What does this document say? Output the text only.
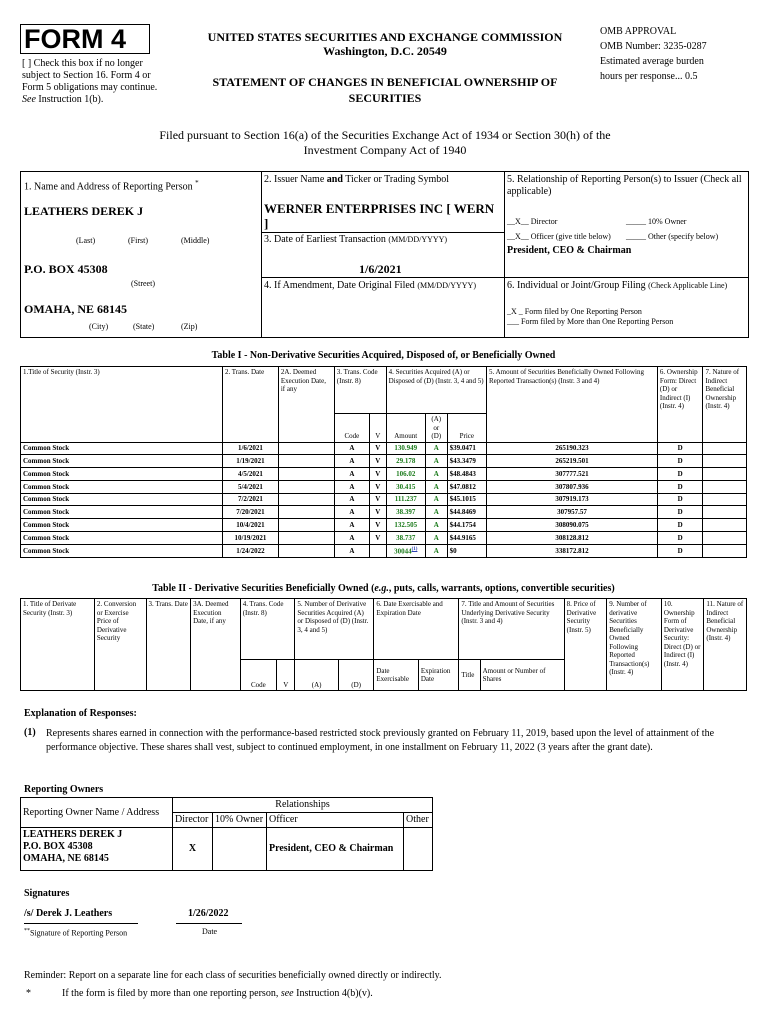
FORM 4
[ ] Check this box if no longer subject to Section 16. Form 4 or Form 5 obligations may continue. See Instruction 1(b).
UNITED STATES SECURITIES AND EXCHANGE COMMISSION
Washington, D.C. 20549
STATEMENT OF CHANGES IN BENEFICIAL OWNERSHIP OF SECURITIES
OMB APPROVAL
OMB Number: 3235-0287
Estimated average burden
hours per response... 0.5
Filed pursuant to Section 16(a) of the Securities Exchange Act of 1934 or Section 30(h) of the Investment Company Act of 1940
1. Name and Address of Reporting Person *
LEATHERS DEREK J
(Last)	(First)	(Middle)
P.O. BOX 45308
(Street)
OMAHA, NE 68145
(City)	(State)	(Zip)
2. Issuer Name and Ticker or Trading Symbol
WERNER ENTERPRISES INC [ WERN ]
3. Date of Earliest Transaction (MM/DD/YYYY)
1/6/2021
4. If Amendment, Date Original Filed (MM/DD/YYYY)
5. Relationship of Reporting Person(s) to Issuer (Check all applicable)
__X__ Director	_____ 10% Owner
__X__ Officer (give title below) _____ Other (specify below)
President, CEO & Chairman
6. Individual or Joint/Group Filing (Check Applicable Line)
_X _ Form filed by One Reporting Person
___ Form filed by More than One Reporting Person
Table I - Non-Derivative Securities Acquired, Disposed of, or Beneficially Owned
1.Title of Security (Instr. 3)	2. Trans. Date	2A. Deemed Execution Date, if any	3. Trans. Code (Instr. 8)		4. Securities Acquired (A) or Disposed of (D) (Instr. 3, 4 and 5)			5. Amount of Securities Beneficially Owned Following Reported Transaction(s) (Instr. 3 and 4)	6. Ownership Form: Direct (D) or Indirect (I) (Instr. 4)	7. Nature of Indirect Beneficial Ownership (Instr. 4)
			Code	V	Amount	(A) or (D)	Price			
Common Stock	1/6/2021		A	V	130.949	A	$39.0471	265190.323	D	
Common Stock	1/19/2021		A	V	29.178	A	$43.3479	265219.501	D	
Common Stock	4/5/2021		A	V	106.02	A	$48.4843	307777.521	D	
Common Stock	5/4/2021		A	V	30.415	A	$47.0812	307807.936	D	
Common Stock	7/2/2021		A	V	111.237	A	$45.1015	307919.173	D	
Common Stock	7/20/2021		A	V	38.397	A	$44.8469	307957.57	D	
Common Stock	10/4/2021		A	V	132.505	A	$44.1754	308090.075	D	
Common Stock	10/19/2021		A	V	38.737	A	$44.9165	308128.812	D	
Common Stock	1/24/2022		A		30044$^{(1)}$	A	$0	338172.812	D	
Table II - Derivative Securities Beneficially Owned (e.g., puts, calls, warrants, options, convertible securities)
1. Title of Derivate Security (Instr. 3)	2. Conversion or Exercise Price of Derivative Security	3. Trans. Date	3A. Deemed Execution Date, if any	4. Trans. Code (Instr. 8)		5. Number of Derivative Securities Acquired (A) or Disposed of (D) (Instr. 3, 4 and 5)		6. Date Exercisable and Expiration Date		7. Title and Amount of Securities Underlying Derivative Security (Instr. 3 and 4)		8. Price of Derivative Security (Instr. 5)	9. Number of derivative Securities Beneficially Owned Following Reported Transaction(s) (Instr. 4)	10. Ownership Form of Derivative Security: Direct (D) or Indirect (I) (Instr. 4)	11. Nature of Indirect Beneficial Ownership (Instr. 4)
				Code	V	(A)	(D)	Date Exercisable	Expiration Date	Title	Amount or Number of Shares				
Explanation of Responses:
(1) Represents shares earned in connection with the performance-based restricted stock previously granted on February 11, 2019, based upon the level of attainment of the performance objective. These shares shall vest, subject to continued employment, in one installment on February 11, 2022 (3 years after the grant date).
Reporting Owners
Reporting Owner Name / Address	Relationships			
	Director	10% Owner	Officer	Other

LEATHERS DEREK J
P.O. BOX 45308
OMAHA, NE 68145	X		President, CEO & Chairman	
Signatures
/s/ Derek J. Leathers	1/26/2022
**Signature of Reporting Person	Date
Reminder: Report on a separate line for each class of securities beneficially owned directly or indirectly.
*	If the form is filed by more than one reporting person, see Instruction 4(b)(v).
